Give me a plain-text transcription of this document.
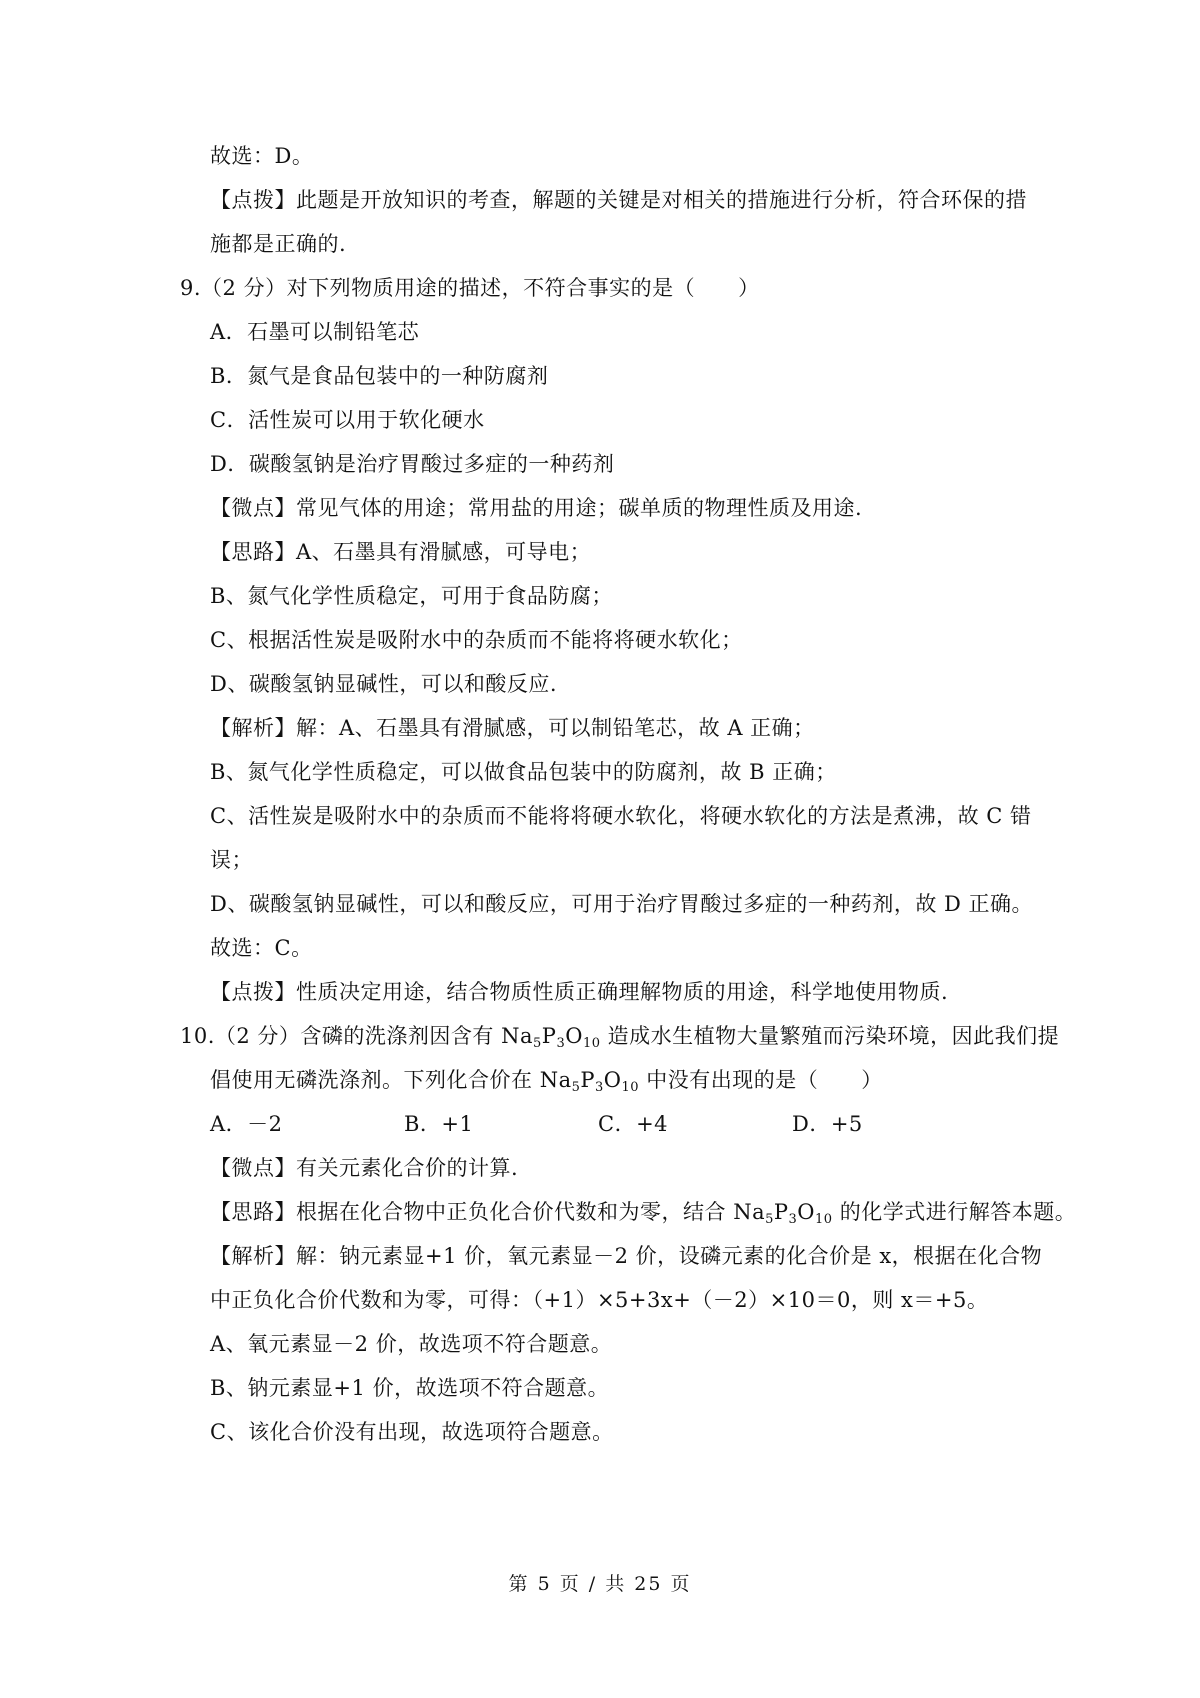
故选：D。
【点拨】此题是开放知识的考查，解题的关键是对相关的措施进行分析，符合环保的措
施都是正确的.
9.（2 分）对下列物质用途的描述，不符合事实的是（　　）
A．石墨可以制铅笔芯
B．氮气是食品包装中的一种防腐剂
C．活性炭可以用于软化硬水
D．碳酸氢钠是治疗胃酸过多症的一种药剂
【微点】常见气体的用途；常用盐的用途；碳单质的物理性质及用途.
【思路】A、石墨具有滑腻感，可导电；
B、氮气化学性质稳定，可用于食品防腐；
C、根据活性炭是吸附水中的杂质而不能将将硬水软化；
D、碳酸氢钠显碱性，可以和酸反应.
【解析】解：A、石墨具有滑腻感，可以制铅笔芯，故 A 正确；
B、氮气化学性质稳定，可以做食品包装中的防腐剂，故 B 正确；
C、活性炭是吸附水中的杂质而不能将将硬水软化，将硬水软化的方法是煮沸，故 C 错
误；
D、碳酸氢钠显碱性，可以和酸反应，可用于治疗胃酸过多症的一种药剂，故 D 正确。
故选：C。
【点拨】性质决定用途，结合物质性质正确理解物质的用途，科学地使用物质.
10.（2 分）含磷的洗涤剂因含有 $Na_5P_3O_{10}$ 造成水生植物大量繁殖而污染环境，因此我们提
倡使用无磷洗涤剂。下列化合价在 $Na_5P_3O_{10}$ 中没有出现的是（　　）
A．－2	B．+1	C．+4	D．+5
【微点】有关元素化合价的计算.
【思路】根据在化合物中正负化合价代数和为零，结合 $Na_5P_3O_{10}$ 的化学式进行解答本题。
【解析】解：钠元素显+1 价，氧元素显－2 价，设磷元素的化合价是 x，根据在化合物
中正负化合价代数和为零，可得：（+1）×5+3x+（－2）×10＝0，则 x＝+5。
A、氧元素显－2 价，故选项不符合题意。
B、钠元素显+1 价，故选项不符合题意。
C、该化合价没有出现，故选项符合题意。
第 5 页 / 共 25 页
